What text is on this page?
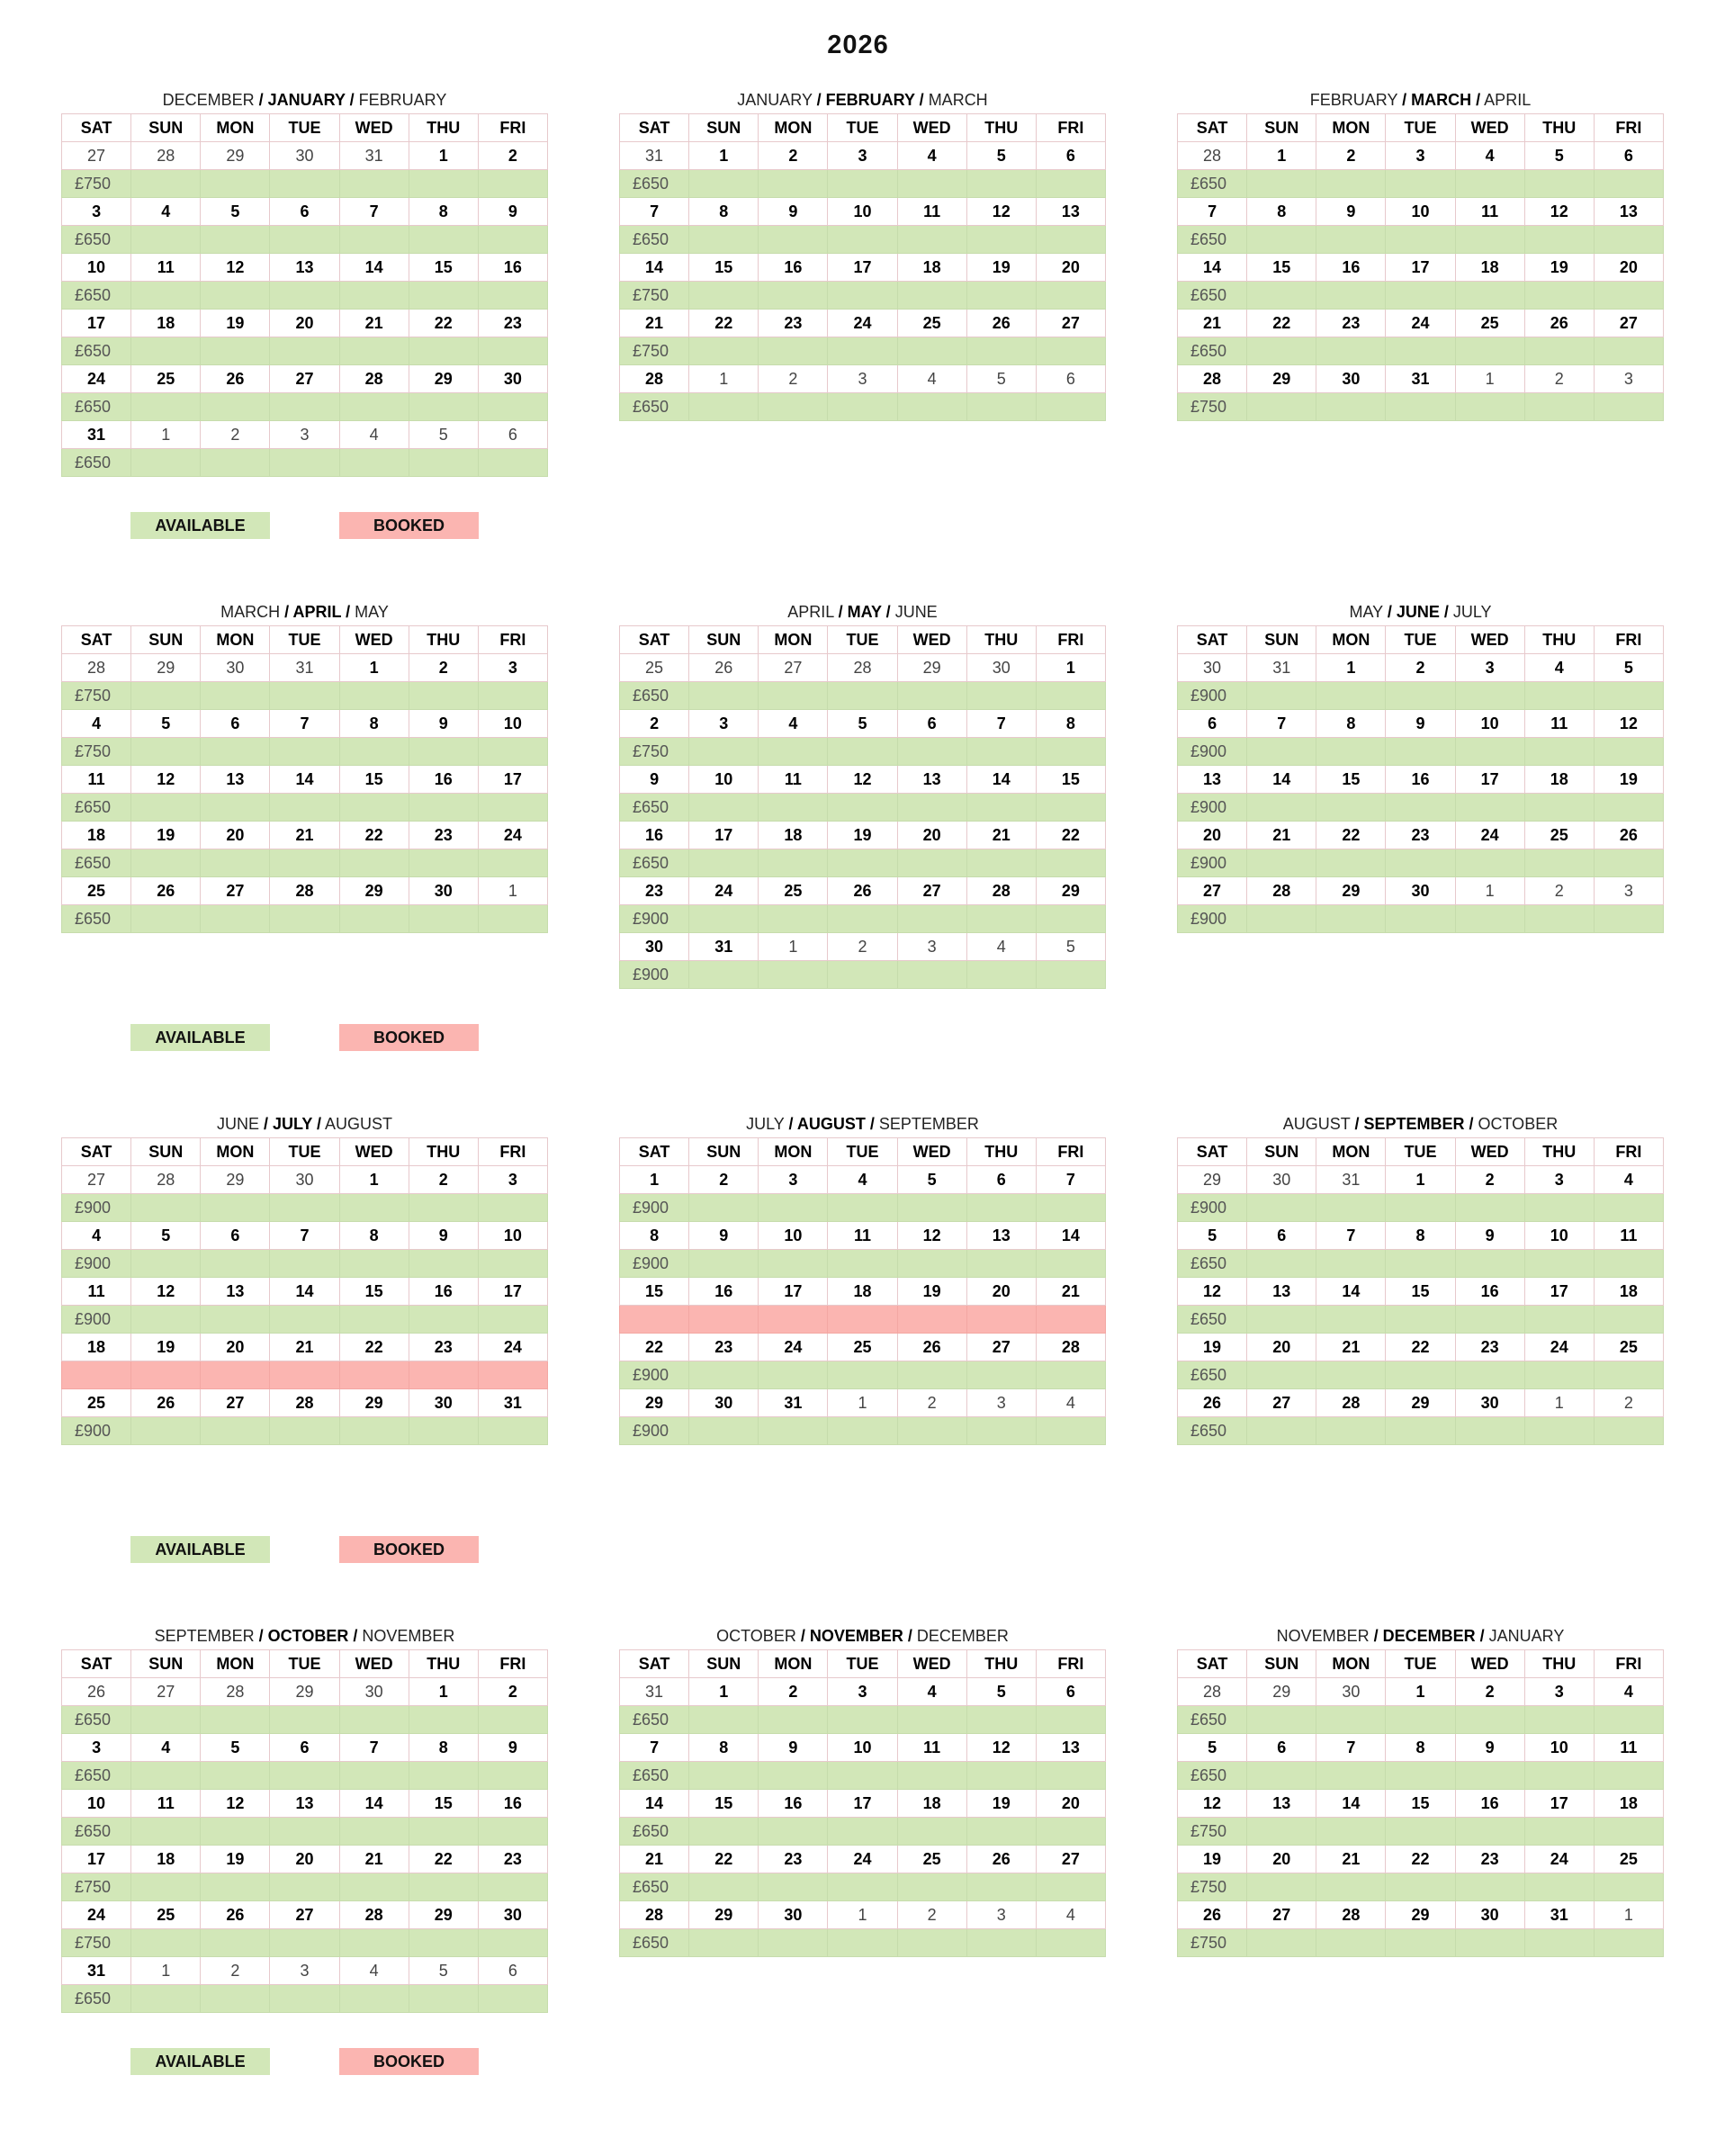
2026
DECEMBER / JANUARY / FEBRUARY
SAT	SUN	MON	TUE	WED	THU	FRI
27	28	29	30	31	1	2
£750						
3	4	5	6	7	8	9
£650						
10	11	12	13	14	15	16
£650						
17	18	19	20	21	22	23
£650						
24	25	26	27	28	29	30
£650						
31	1	2	3	4	5	6
£650						
JANUARY / FEBRUARY / MARCH
SAT	SUN	MON	TUE	WED	THU	FRI
31	1	2	3	4	5	6
£650						
7	8	9	10	11	12	13
£650						
14	15	16	17	18	19	20
£750						
21	22	23	24	25	26	27
£750						
28	1	2	3	4	5	6
£650						
FEBRUARY / MARCH / APRIL
SAT	SUN	MON	TUE	WED	THU	FRI
28	1	2	3	4	5	6
£650						
7	8	9	10	11	12	13
£650						
14	15	16	17	18	19	20
£650						
21	22	23	24	25	26	27
£650						
28	29	30	31	1	2	3
£750						
MARCH / APRIL / MAY
SAT	SUN	MON	TUE	WED	THU	FRI
28	29	30	31	1	2	3
£750						
4	5	6	7	8	9	10
£750						
11	12	13	14	15	16	17
£650						
18	19	20	21	22	23	24
£650						
25	26	27	28	29	30	1
£650						
APRIL / MAY / JUNE
SAT	SUN	MON	TUE	WED	THU	FRI
25	26	27	28	29	30	1
£650						
2	3	4	5	6	7	8
£750						
9	10	11	12	13	14	15
£650						
16	17	18	19	20	21	22
£650						
23	24	25	26	27	28	29
£900						
30	31	1	2	3	4	5
£900						
MAY / JUNE / JULY
SAT	SUN	MON	TUE	WED	THU	FRI
30	31	1	2	3	4	5
£900						
6	7	8	9	10	11	12
£900						
13	14	15	16	17	18	19
£900						
20	21	22	23	24	25	26
£900						
27	28	29	30	1	2	3
£900						
JUNE / JULY / AUGUST
SAT	SUN	MON	TUE	WED	THU	FRI
27	28	29	30	1	2	3
£900						
4	5	6	7	8	9	10
£900						
11	12	13	14	15	16	17
£900						
18	19	20	21	22	23	24

25	26	27	28	29	30	31
£900						
JULY / AUGUST / SEPTEMBER
SAT	SUN	MON	TUE	WED	THU	FRI
1	2	3	4	5	6	7
£900						
8	9	10	11	12	13	14
£900						
15	16	17	18	19	20	21

22	23	24	25	26	27	28
£900						
29	30	31	1	2	3	4
£900						
AUGUST / SEPTEMBER / OCTOBER
SAT	SUN	MON	TUE	WED	THU	FRI
29	30	31	1	2	3	4
£900						
5	6	7	8	9	10	11
£650						
12	13	14	15	16	17	18
£650						
19	20	21	22	23	24	25
£650						
26	27	28	29	30	1	2
£650						
SEPTEMBER / OCTOBER / NOVEMBER
SAT	SUN	MON	TUE	WED	THU	FRI
26	27	28	29	30	1	2
£650						
3	4	5	6	7	8	9
£650						
10	11	12	13	14	15	16
£650						
17	18	19	20	21	22	23
£750						
24	25	26	27	28	29	30
£750						
31	1	2	3	4	5	6
£650						
OCTOBER / NOVEMBER / DECEMBER
SAT	SUN	MON	TUE	WED	THU	FRI
31	1	2	3	4	5	6
£650						
7	8	9	10	11	12	13
£650						
14	15	16	17	18	19	20
£650						
21	22	23	24	25	26	27
£650						
28	29	30	1	2	3	4
£650						
NOVEMBER / DECEMBER / JANUARY
SAT	SUN	MON	TUE	WED	THU	FRI
28	29	30	1	2	3	4
£650						
5	6	7	8	9	10	11
£650						
12	13	14	15	16	17	18
£750						
19	20	21	22	23	24	25
£750						
26	27	28	29	30	31	1
£750						
AVAILABLE	BOOKED
AVAILABLE	BOOKED
AVAILABLE	BOOKED
AVAILABLE	BOOKED
